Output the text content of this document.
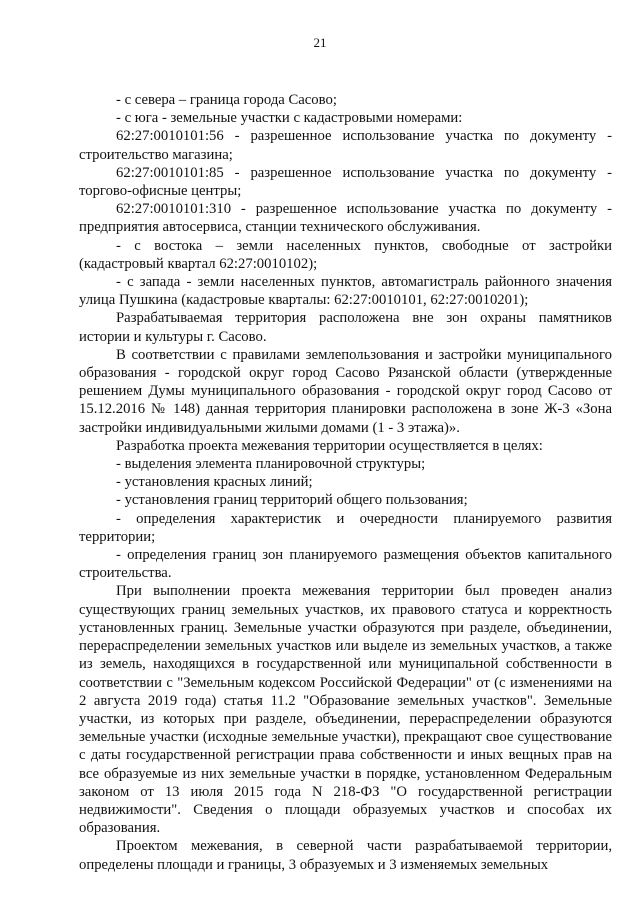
21

- с севера – граница города Сасово;

- с юга - земельные участки с кадастровыми номерами:

62:27:0010101:56 - разрешенное использование участка по документу - строительство магазина;

62:27:0010101:85 - разрешенное использование участка по документу - торгово-офисные центры;

62:27:0010101:310 - разрешенное использование участка по документу - предприятия автосервиса, станции технического обслуживания.

- с востока – земли населенных пунктов, свободные от застройки (кадастровый квартал 62:27:0010102);

- с запада - земли населенных пунктов, автомагистраль районного значения улица Пушкина (кадастровые кварталы: 62:27:0010101, 62:27:0010201);

Разрабатываемая территория расположена вне зон охраны памятников истории и культуры г. Сасово.

В соответствии с правилами землепользования и застройки муниципального образования - городской округ город Сасово Рязанской области (утвержденные решением Думы муниципального образования - городской округ город Сасово от 15.12.2016 № 148) данная территория планировки расположена в зоне Ж-3 «Зона застройки индивидуальными жилыми домами (1 - 3 этажа)».

Разработка проекта межевания территории осуществляется в целях:

- выделения элемента планировочной структуры;

- установления красных линий;

- установления границ территорий общего пользования;

- определения характеристик и очередности планируемого развития территории;

- определения границ зон планируемого размещения объектов капитального строительства.

При выполнении проекта межевания территории был проведен анализ существующих границ земельных участков, их правового статуса и корректность установленных границ. Земельные участки образуются при разделе, объединении, перераспределении земельных участков или выделе из земельных участков, а также из земель, находящихся в государственной или муниципальной собственности в соответствии с "Земельным кодексом Российской Федерации" от (с изменениями на 2 августа 2019 года) статья 11.2 "Образование земельных участков". Земельные участки, из которых при разделе, объединении, перераспределении образуются земельные участки (исходные земельные участки), прекращают свое существование с даты государственной регистрации права собственности и иных вещных прав на все образуемые из них земельные участки в порядке, установленном Федеральным законом от 13 июля 2015 года N 218-ФЗ "О государственной регистрации недвижимости". Сведения о площади образуемых участков и способах их образования.

Проектом межевания, в северной части разрабатываемой территории, определены площади и границы, 3 образуемых и 3 изменяемых земельных
